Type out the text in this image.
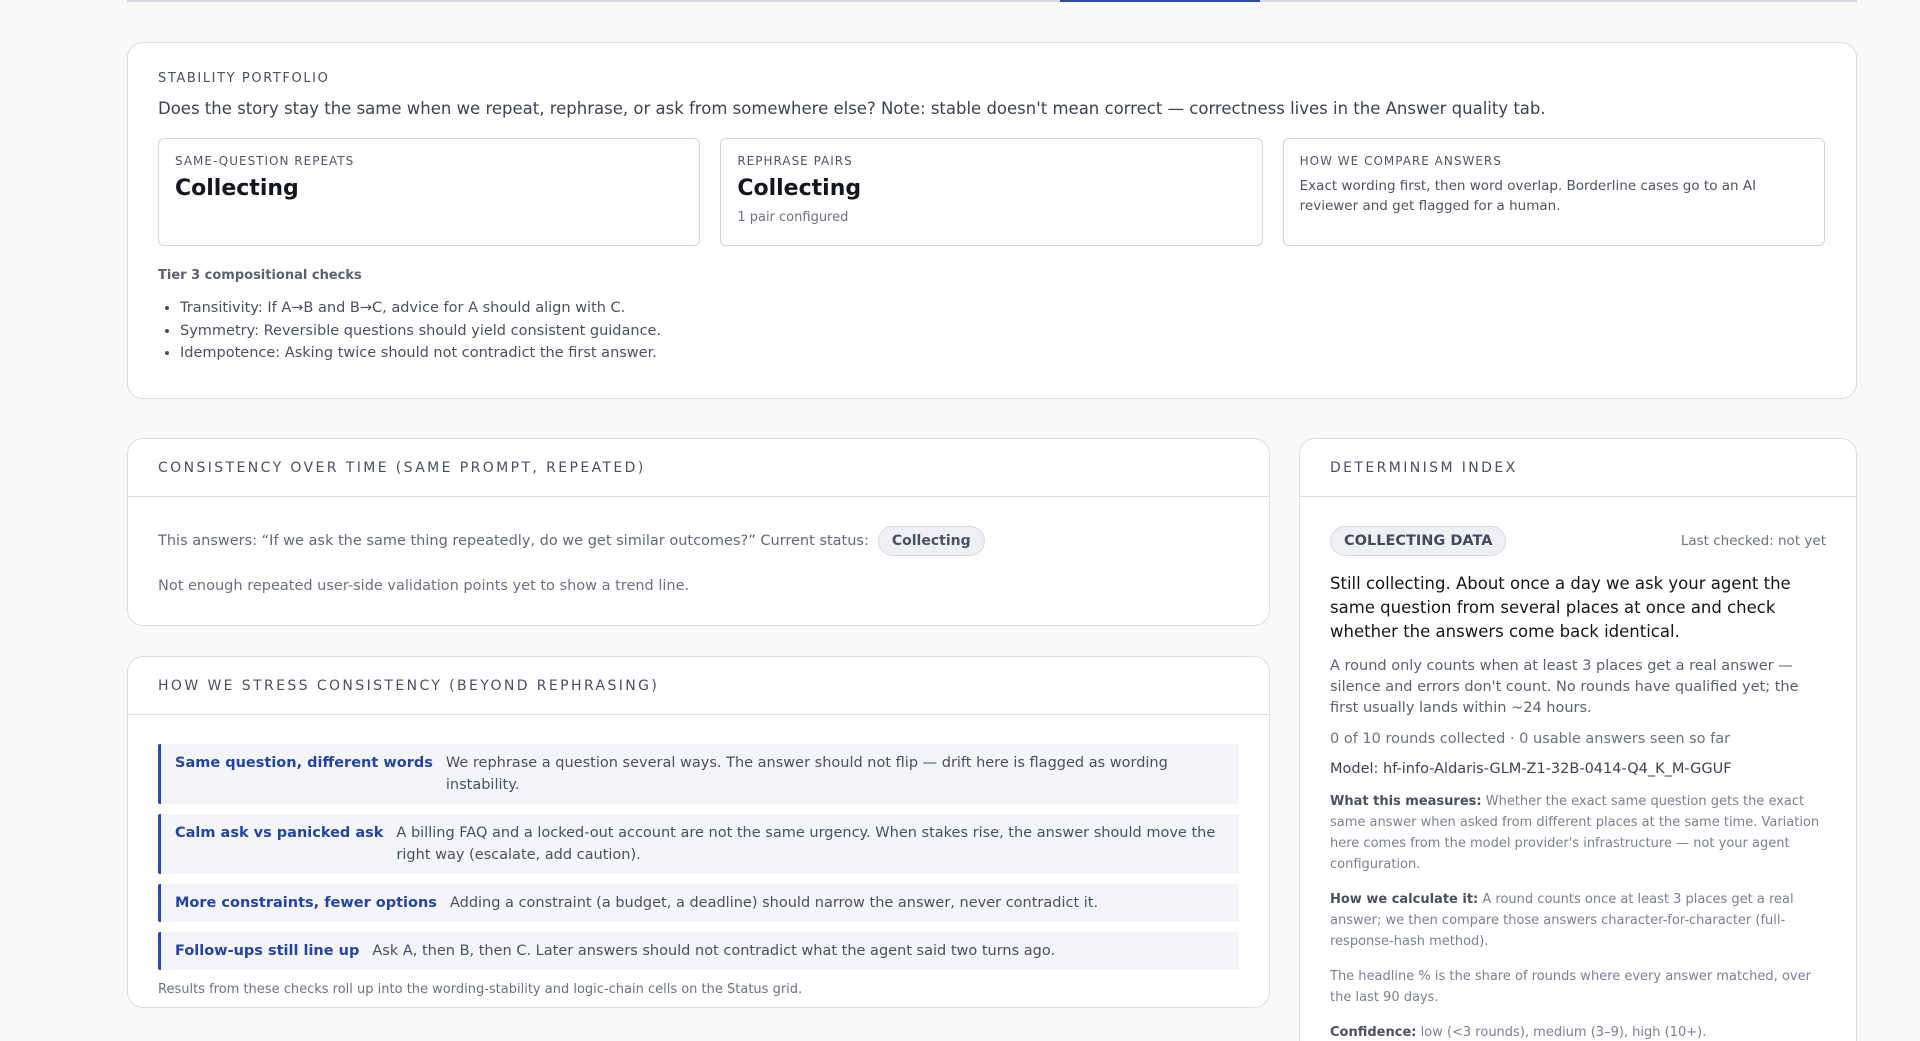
STABILITY PORTFOLIO
Does the story stay the same when we repeat, rephrase, or ask from somewhere else? Note: stable doesn't mean correct — correctness lives in the Answer quality tab.
SAME-QUESTION REPEATS
Collecting
REPHRASE PAIRS
Collecting
1 pair configured
HOW WE COMPARE ANSWERS
Exact wording first, then word overlap. Borderline cases go to an AI reviewer and get flagged for a human.
Tier 3 compositional checks
• Transitivity: If A→B and B→C, advice for A should align with C.
• Symmetry: Reversible questions should yield consistent guidance.
• Idempotence: Asking twice should not contradict the first answer.
CONSISTENCY OVER TIME (SAME PROMPT, REPEATED)
This answers: “If we ask the same thing repeatedly, do we get similar outcomes?” Current status:	Collecting
Not enough repeated user-side validation points yet to show a trend line.
HOW WE STRESS CONSISTENCY (BEYOND REPHRASING)
Same question, different words We rephrase a question several ways. The answer should not flip — drift here is flagged as wording instability.
Calm ask vs panicked ask A billing FAQ and a locked-out account are not the same urgency. When stakes rise, the answer should move the right way (escalate, add caution).
More constraints, fewer options Adding a constraint (a budget, a deadline) should narrow the answer, never contradict it.
Follow-ups still line up Ask A, then B, then C. Later answers should not contradict what the agent said two turns ago.
Results from these checks roll up into the wording-stability and logic-chain cells on the Status grid.
DETERMINISM INDEX
COLLECTING DATA	Last checked: not yet
Still collecting. About once a day we ask your agent the same question from several places at once and check whether the answers come back identical.
A round only counts when at least 3 places get a real answer — silence and errors don't count. No rounds have qualified yet; the first usually lands within ~24 hours.
0 of 10 rounds collected · 0 usable answers seen so far
Model: hf-info-Aldaris-GLM-Z1-32B-0414-Q4_K_M-GGUF
What this measures: Whether the exact same question gets the exact same answer when asked from different places at the same time. Variation here comes from the model provider's infrastructure — not your agent configuration.
How we calculate it: A round counts once at least 3 places get a real answer; we then compare those answers character-for-character (full-response-hash method).
The headline % is the share of rounds where every answer matched, over the last 90 days.
Confidence: low (<3 rounds), medium (3–9), high (10+).
